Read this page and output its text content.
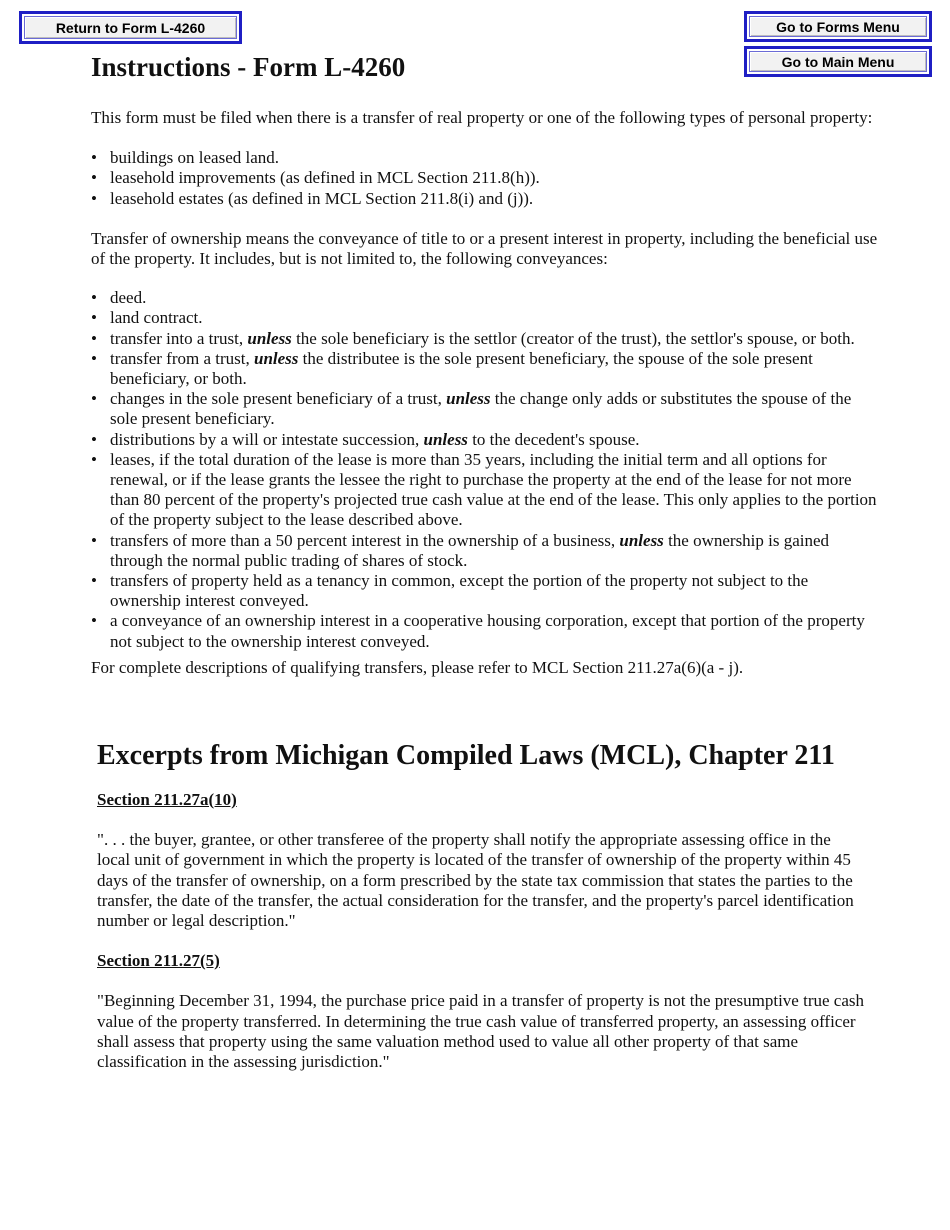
Return to Form L-4260	Go to Forms Menu
Go to Main Menu
Instructions - Form L-4260

This form must be filed when there is a transfer of real property or one of the following types of personal property:

• buildings on leased land.
• leasehold improvements (as defined in MCL Section 211.8(h)).
• leasehold estates (as defined in MCL Section 211.8(i) and (j)).

Transfer of ownership means the conveyance of title to or a present interest in property, including the beneficial use of the property. It includes, but is not limited to, the following conveyances:

• deed.
• land contract.
• transfer into a trust, unless the sole beneficiary is the settlor (creator of the trust), the settlor's spouse, or both.
• transfer from a trust, unless the distributee is the sole present beneficiary, the spouse of the sole present beneficiary, or both.
• changes in the sole present beneficiary of a trust, unless the change only adds or substitutes the spouse of the sole present beneficiary.
• distributions by a will or intestate succession, unless to the decedent's spouse.
• leases, if the total duration of the lease is more than 35 years, including the initial term and all options for renewal, or if the lease grants the lessee the right to purchase the property at the end of the lease for not more than 80 percent of the property's projected true cash value at the end of the lease. This only applies to the portion of the property subject to the lease described above.
• transfers of more than a 50 percent interest in the ownership of a business, unless the ownership is gained through the normal public trading of shares of stock.
• transfers of property held as a tenancy in common, except the portion of the property not subject to the ownership interest conveyed.
• a conveyance of an ownership interest in a cooperative housing corporation, except that portion of the property not subject to the ownership interest conveyed.

For complete descriptions of qualifying transfers, please refer to MCL Section 211.27a(6)(a - j).

Excerpts from Michigan Compiled Laws (MCL), Chapter 211
Section 211.27a(10)

". . . the buyer, grantee, or other transferee of the property shall notify the appropriate assessing office in the local unit of government in which the property is located of the transfer of ownership of the property within 45 days of the transfer of ownership, on a form prescribed by the state tax commission that states the parties to the transfer, the date of the transfer, the actual consideration for the transfer, and the property's parcel identification number or legal description."

Section 211.27(5)

"Beginning December 31, 1994, the purchase price paid in a transfer of property is not the presumptive true cash value of the property transferred. In determining the true cash value of transferred property, an assessing officer shall assess that property using the same valuation method used to value all other property of that same classification in the assessing jurisdiction."
